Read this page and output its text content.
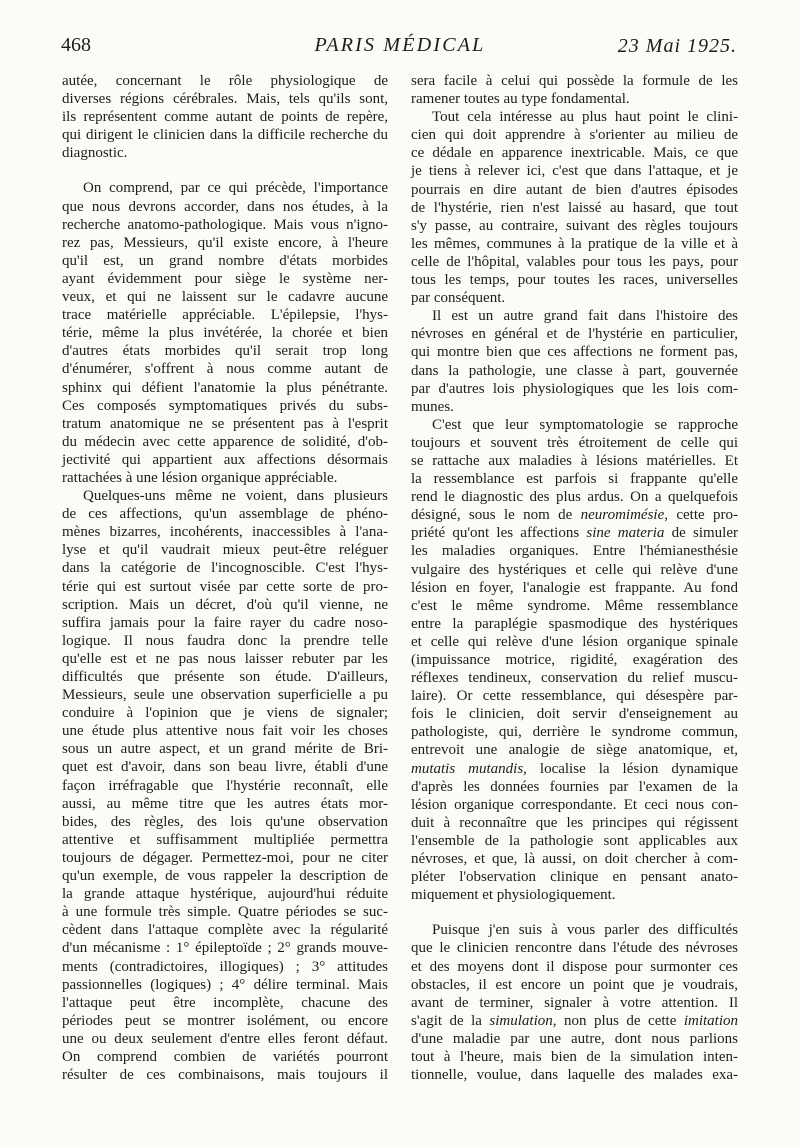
468	PARIS MÉDICAL	23 Mai 1925.
autée, concernant le rôle physiologique de
diverses régions cérébrales. Mais, tels qu'ils sont,
ils représentent comme autant de points de repère,
qui dirigent le clinicien dans la difficile recherche du
diagnostic.
On comprend, par ce qui précède, l'importance
que nous devrons accorder, dans nos études, à la
recherche anatomo-pathologique. Mais vous n'igno-
rez pas, Messieurs, qu'il existe encore, à l'heure
qu'il est, un grand nombre d'états morbides
ayant évidemment pour siège le système ner-
veux, et qui ne laissent sur le cadavre aucune
trace matérielle appréciable. L'épilepsie, l'hys-
térie, même la plus invétérée, la chorée et bien
d'autres états morbides qu'il serait trop long
d'énumérer, s'offrent à nous comme autant de
sphinx qui défient l'anatomie la plus pénétrante.
Ces composés symptomatiques privés du subs-
tratum anatomique ne se présentent pas à l'esprit
du médecin avec cette apparence de solidité, d'ob-
jectivité qui appartient aux affections désormais
rattachées à une lésion organique appréciable.
Quelques-uns même ne voient, dans plusieurs
de ces affections, qu'un assemblage de phéno-
mènes bizarres, incohérents, inaccessibles à l'ana-
lyse et qu'il vaudrait mieux peut-être reléguer
dans la catégorie de l'incognoscible. C'est l'hys-
térie qui est surtout visée par cette sorte de pro-
scription. Mais un décret, d'où qu'il vienne, ne
suffira jamais pour la faire rayer du cadre noso-
logique. Il nous faudra donc la prendre telle
qu'elle est et ne pas nous laisser rebuter par les
difficultés que présente son étude. D'ailleurs,
Messieurs, seule une observation superficielle a pu
conduire à l'opinion que je viens de signaler;
une étude plus attentive nous fait voir les choses
sous un autre aspect, et un grand mérite de Bri-
quet est d'avoir, dans son beau livre, établi d'une
façon irréfragable que l'hystérie reconnaît, elle
aussi, au même titre que les autres états mor-
bides, des règles, des lois qu'une observation
attentive et suffisamment multipliée permettra
toujours de dégager. Permettez-moi, pour ne citer
qu'un exemple, de vous rappeler la description de
la grande attaque hystérique, aujourd'hui réduite
à une formule très simple. Quatre périodes se suc-
cèdent dans l'attaque complète avec la régularité
d'un mécanisme : 1° épileptoïde ; 2° grands mouve-
ments (contradictoires, illogiques) ; 3° attitudes
passionnelles (logiques) ; 4° délire terminal. Mais
l'attaque peut être incomplète, chacune des
périodes peut se montrer isolément, ou encore
une ou deux seulement d'entre elles feront défaut.
On comprend combien de variétés pourront
résulter de ces combinaisons, mais toujours il
sera facile à celui qui possède la formule de les
ramener toutes au type fondamental.
Tout cela intéresse au plus haut point le clini-
cien qui doit apprendre à s'orienter au milieu de
ce dédale en apparence inextricable. Mais, ce que
je tiens à relever ici, c'est que dans l'attaque, et je
pourrais en dire autant de bien d'autres épisodes
de l'hystérie, rien n'est laissé au hasard, que tout
s'y passe, au contraire, suivant des règles toujours
les mêmes, communes à la pratique de la ville et à
celle de l'hôpital, valables pour tous les pays, pour
tous les temps, pour toutes les races, universelles
par conséquent.
Il est un autre grand fait dans l'histoire des
névroses en général et de l'hystérie en particulier,
qui montre bien que ces affections ne forment pas,
dans la pathologie, une classe à part, gouvernée
par d'autres lois physiologiques que les lois com-
munes.
C'est que leur symptomatologie se rapproche
toujours et souvent très étroitement de celle qui
se rattache aux maladies à lésions matérielles. Et
la ressemblance est parfois si frappante qu'elle
rend le diagnostic des plus ardus. On a quelquefois
désigné, sous le nom de neuromimésie, cette pro-
priété qu'ont les affections sine materia de simuler
les maladies organiques. Entre l'hémianesthésie
vulgaire des hystériques et celle qui relève d'une
lésion en foyer, l'analogie est frappante. Au fond
c'est le même syndrome. Même ressemblance
entre la paraplégie spasmodique des hystériques
et celle qui relève d'une lésion organique spinale
(impuissance motrice, rigidité, exagération des
réflexes tendineux, conservation du relief muscu-
laire). Or cette ressemblance, qui désespère par-
fois le clinicien, doit servir d'enseignement au
pathologiste, qui, derrière le syndrome commun,
entrevoit une analogie de siège anatomique, et,
mutatis mutandis, localise la lésion dynamique
d'après les données fournies par l'examen de la
lésion organique correspondante. Et ceci nous con-
duit à reconnaître que les principes qui régissent
l'ensemble de la pathologie sont applicables aux
névroses, et que, là aussi, on doit chercher à com-
pléter l'observation clinique en pensant anato-
miquement et physiologiquement.
Puisque j'en suis à vous parler des difficultés
que le clinicien rencontre dans l'étude des névroses
et des moyens dont il dispose pour surmonter ces
obstacles, il est encore un point que je voudrais,
avant de terminer, signaler à votre attention. Il
s'agit de la simulation, non plus de cette imitation
d'une maladie par une autre, dont nous parlions
tout à l'heure, mais bien de la simulation inten-
tionnelle, voulue, dans laquelle des malades exa-
